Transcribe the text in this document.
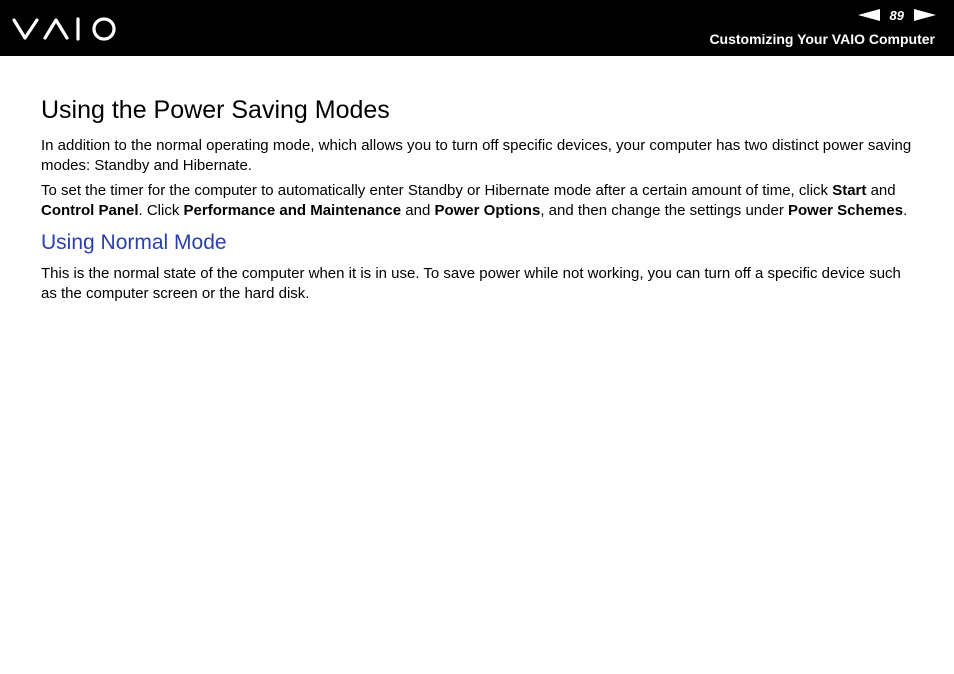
89
Customizing Your VAIO Computer
Using the Power Saving Modes

In addition to the normal operating mode, which allows you to turn off specific devices, your computer has two distinct power saving modes: Standby and Hibernate.

To set the timer for the computer to automatically enter Standby or Hibernate mode after a certain amount of time, click Start and Control Panel. Click Performance and Maintenance and Power Options, and then change the settings under Power Schemes.

Using Normal Mode

This is the normal state of the computer when it is in use. To save power while not working, you can turn off a specific device such as the computer screen or the hard disk.
